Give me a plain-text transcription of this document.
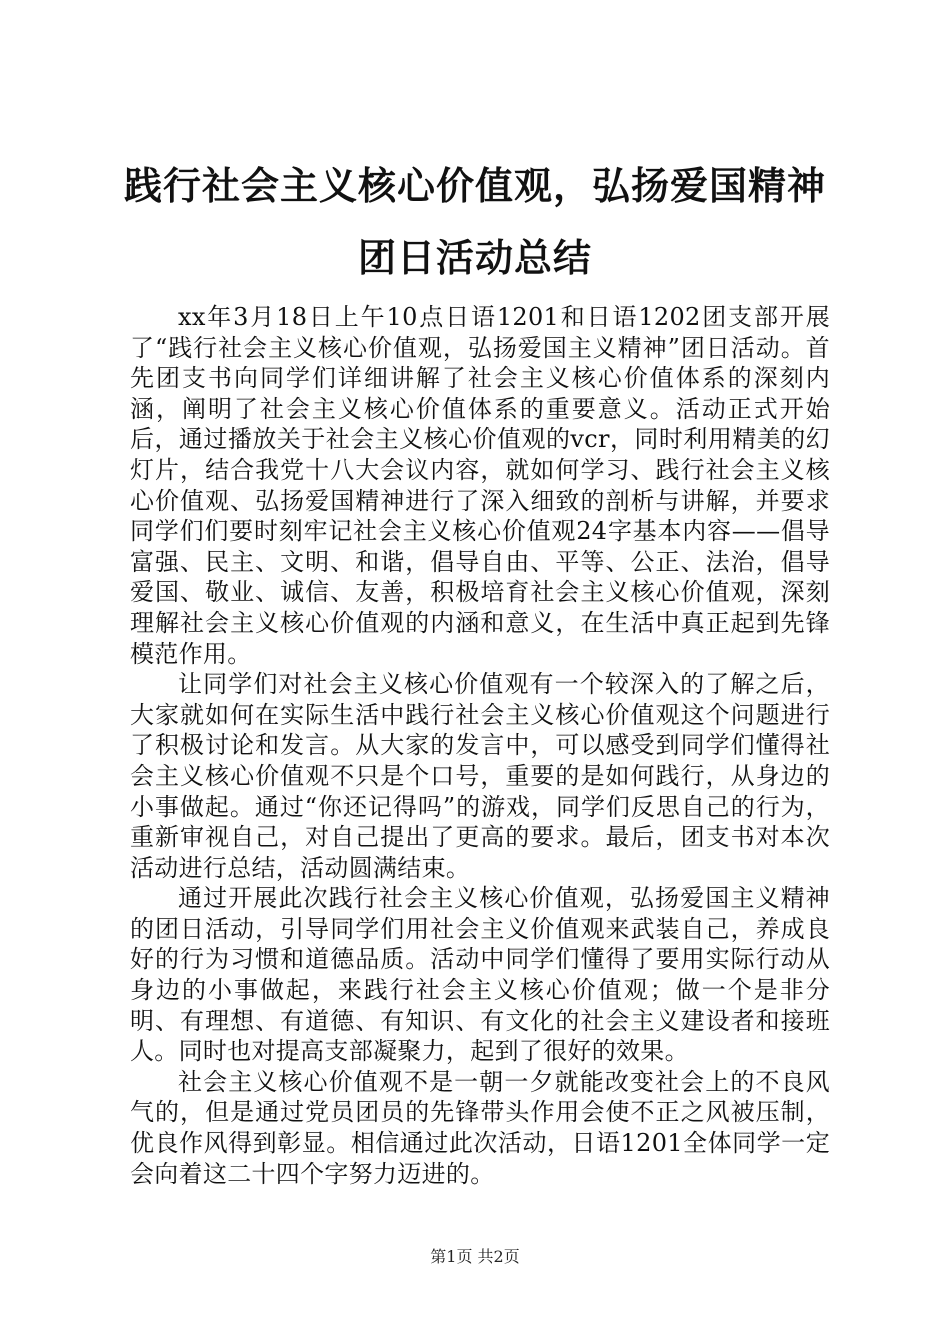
践行社会主义核心价值观，弘扬爱国精神团日活动总结

xx年3月18日上午10点日语1201和日语1202团支部开展了“践行社会主义核心价值观，弘扬爱国主义精神”团日活动。首先团支书向同学们详细讲解了社会主义核心价值体系的深刻内涵，阐明了社会主义核心价值体系的重要意义。活动正式开始后，通过播放关于社会主义核心价值观的vcr，同时利用精美的幻灯片，结合我党十八大会议内容，就如何学习、践行社会主义核心价值观、弘扬爱国精神进行了深入细致的剖析与讲解，并要求同学们们要时刻牢记社会主义核心价值观24字基本内容——倡导富强、民主、文明、和谐，倡导自由、平等、公正、法治，倡导爱国、敬业、诚信、友善，积极培育社会主义核心价值观，深刻理解社会主义核心价值观的内涵和意义，在生活中真正起到先锋模范作用。

让同学们对社会主义核心价值观有一个较深入的了解之后，大家就如何在实际生活中践行社会主义核心价值观这个问题进行了积极讨论和发言。从大家的发言中，可以感受到同学们懂得社会主义核心价值观不只是个口号，重要的是如何践行，从身边的小事做起。通过“你还记得吗”的游戏，同学们反思自己的行为，重新审视自己，对自己提出了更高的要求。最后，团支书对本次活动进行总结，活动圆满结束。

通过开展此次践行社会主义核心价值观，弘扬爱国主义精神的团日活动，引导同学们用社会主义价值观来武装自己，养成良好的行为习惯和道德品质。活动中同学们懂得了要用实际行动从身边的小事做起，来践行社会主义核心价值观；做一个是非分明、有理想、有道德、有知识、有文化的社会主义建设者和接班人。同时也对提高支部凝聚力，起到了很好的效果。

社会主义核心价值观不是一朝一夕就能改变社会上的不良风气的，但是通过党员团员的先锋带头作用会使不正之风被压制，优良作风得到彰显。相信通过此次活动，日语1201全体同学一定会向着这二十四个字努力迈进的。

第1页 共2页
